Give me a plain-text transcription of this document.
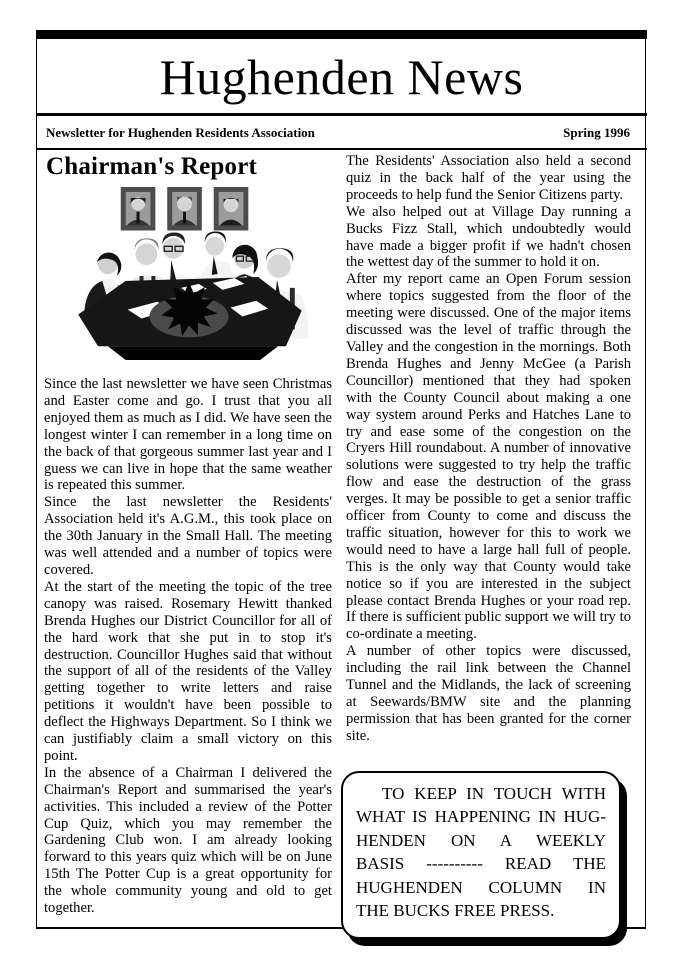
Hughenden News
Newsletter for Hughenden Residents Association	Spring 1996
Chairman's Report

Since the last newsletter we have seen Christmas and Easter come and go. I trust that you all enjoyed them as much as I did. We have seen the longest winter I can remember in a long time on the back of that gorgeous summer last year and I guess we can live in hope that the same weather is repeated this summer.

Since the last newsletter the Residents' Association held it's A.G.M., this took place on the 30th January in the Small Hall. The meeting was well attended and a number of topics were covered.

At the start of the meeting the topic of the tree canopy was raised. Rosemary Hewitt thanked Brenda Hughes our District Councillor for all of the hard work that she put in to stop it's destruction. Councillor Hughes said that without the support of all of the residents of the Valley getting together to write letters and raise petitions it wouldn't have been possible to deflect the Highways Department. So I think we can justifiably claim a small victory on this point.

In the absence of a Chairman I delivered the Chairman's Report and summarised the year's activities. This included a review of the Potter Cup Quiz, which you may remember the Gardening Club won. I am already looking forward to this years quiz which will be on June 15th The Potter Cup is a great opportunity for the whole community young and old to get together.

The Residents' Association also held a second quiz in the back half of the year using the proceeds to help fund the Senior Citizens party.

We also helped out at Village Day running a Bucks Fizz Stall, which undoubtedly would have made a bigger profit if we hadn't chosen the wettest day of the summer to hold it on.

After my report came an Open Forum session where topics suggested from the floor of the meeting were discussed. One of the major items discussed was the level of traffic through the Valley and the congestion in the mornings. Both Brenda Hughes and Jenny McGee (a Parish Councillor) mentioned that they had spoken with the County Council about making a one way system around Perks and Hatches Lane to try and ease some of the congestion on the Cryers Hill roundabout. A number of innovative solutions were suggested to try help the traffic flow and ease the destruction of the grass verges. It may be possible to get a senior traffic officer from County to come and discuss the traffic situation, however for this to work we would need to have a large hall full of people. This is the only way that County would take notice so if you are interested in the subject please contact Brenda Hughes or your road rep. If there is sufficient public support we will try to co-ordinate a meeting.

A number of other topics were discussed, including the rail link between the Channel Tunnel and the Midlands, the lack of screening at Seewards/BMW site and the planning permission that has been granted for the corner site.

TO KEEP IN TOUCH WITH
WHAT IS HAPPENING IN HUG-
HENDEN ON A WEEKLY
BASIS ---------- READ THE
HUGHENDEN COLUMN IN
THE BUCKS FREE PRESS.
